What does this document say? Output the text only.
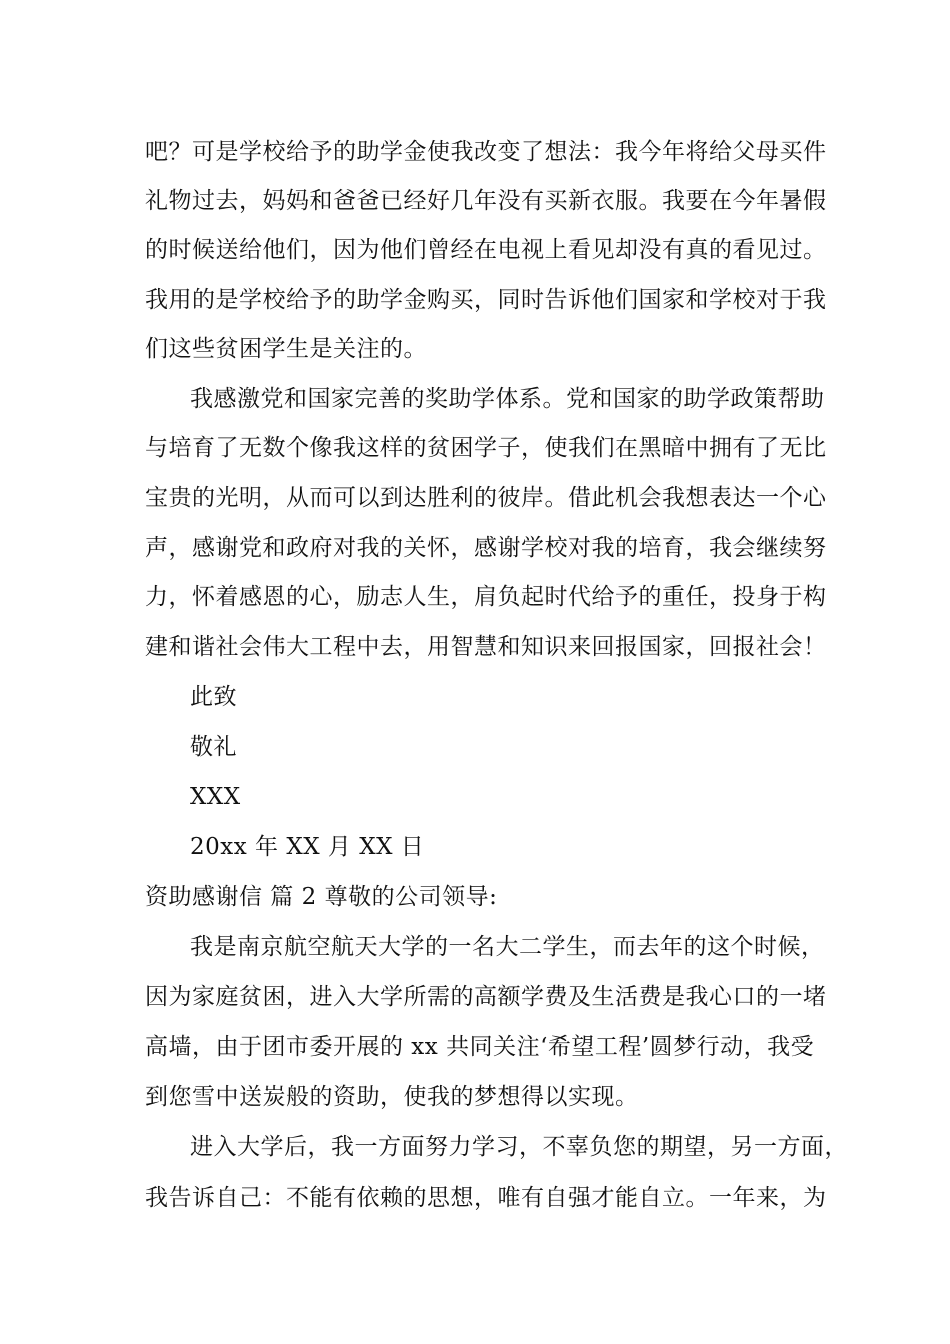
吧？可是学校给予的助学金使我改变了想法：我今年将给父母买件
礼物过去，妈妈和爸爸已经好几年没有买新衣服。我要在今年暑假
的时候送给他们，因为他们曾经在电视上看见却没有真的看见过。
我用的是学校给予的助学金购买，同时告诉他们国家和学校对于我
们这些贫困学生是关注的。
我感激党和国家完善的奖助学体系。党和国家的助学政策帮助
与培育了无数个像我这样的贫困学子，使我们在黑暗中拥有了无比
宝贵的光明，从而可以到达胜利的彼岸。借此机会我想表达一个心
声，感谢党和政府对我的关怀，感谢学校对我的培育，我会继续努
力，怀着感恩的心，励志人生，肩负起时代给予的重任，投身于构
建和谐社会伟大工程中去，用智慧和知识来回报国家，回报社会！
此致
敬礼
XXX
20xx 年 XX 月 XX 日
资助感谢信 篇 2 尊敬的公司领导:
我是南京航空航天大学的一名大二学生，而去年的这个时候，
因为家庭贫困，进入大学所需的高额学费及生活费是我心口的一堵
高墙，由于团市委开展的 xx 共同关注‘希望工程’圆梦行动，我受
到您雪中送炭般的资助，使我的梦想得以实现。
进入大学后，我一方面努力学习，不辜负您的期望，另一方面，
我告诉自己：不能有依赖的思想，唯有自强才能自立。一年来，为
